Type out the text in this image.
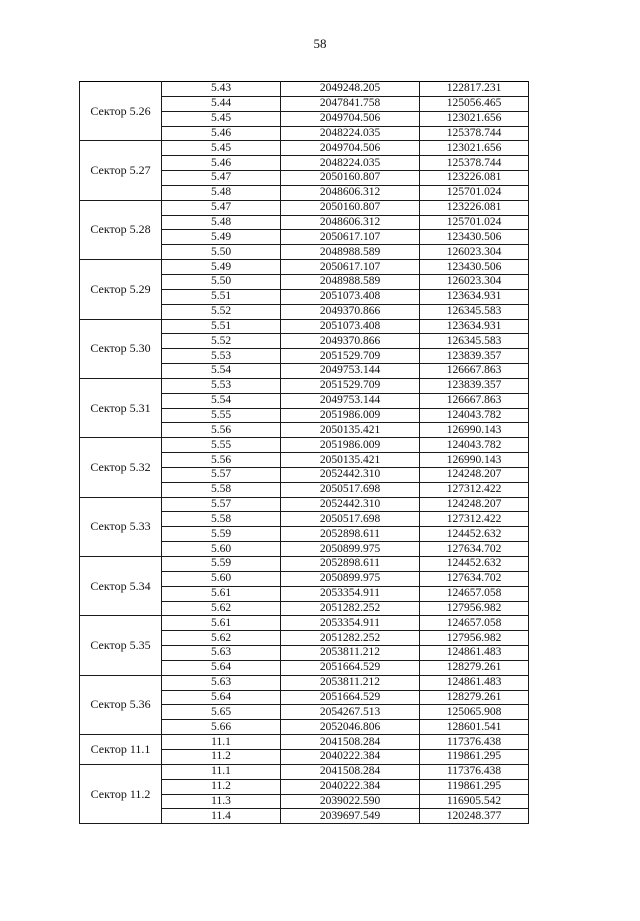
58
Сектор 5.26	5.43	2049248.205	122817.231
	5.44	2047841.758	125056.465
	5.45	2049704.506	123021.656
	5.46	2048224.035	125378.744
Сектор 5.27	5.45	2049704.506	123021.656
	5.46	2048224.035	125378.744
	5.47	2050160.807	123226.081
	5.48	2048606.312	125701.024
Сектор 5.28	5.47	2050160.807	123226.081
	5.48	2048606.312	125701.024
	5.49	2050617.107	123430.506
	5.50	2048988.589	126023.304
Сектор 5.29	5.49	2050617.107	123430.506
	5.50	2048988.589	126023.304
	5.51	2051073.408	123634.931
	5.52	2049370.866	126345.583
Сектор 5.30	5.51	2051073.408	123634.931
	5.52	2049370.866	126345.583
	5.53	2051529.709	123839.357
	5.54	2049753.144	126667.863
Сектор 5.31	5.53	2051529.709	123839.357
	5.54	2049753.144	126667.863
	5.55	2051986.009	124043.782
	5.56	2050135.421	126990.143
Сектор 5.32	5.55	2051986.009	124043.782
	5.56	2050135.421	126990.143
	5.57	2052442.310	124248.207
	5.58	2050517.698	127312.422
Сектор 5.33	5.57	2052442.310	124248.207
	5.58	2050517.698	127312.422
	5.59	2052898.611	124452.632
	5.60	2050899.975	127634.702
Сектор 5.34	5.59	2052898.611	124452.632
	5.60	2050899.975	127634.702
	5.61	2053354.911	124657.058
	5.62	2051282.252	127956.982
Сектор 5.35	5.61	2053354.911	124657.058
	5.62	2051282.252	127956.982
	5.63	2053811.212	124861.483
	5.64	2051664.529	128279.261
Сектор 5.36	5.63	2053811.212	124861.483
	5.64	2051664.529	128279.261
	5.65	2054267.513	125065.908
	5.66	2052046.806	128601.541
Сектор 11.1	11.1	2041508.284	117376.438
	11.2	2040222.384	119861.295
Сектор 11.2	11.1	2041508.284	117376.438
	11.2	2040222.384	119861.295
	11.3	2039022.590	116905.542
	11.4	2039697.549	120248.377
